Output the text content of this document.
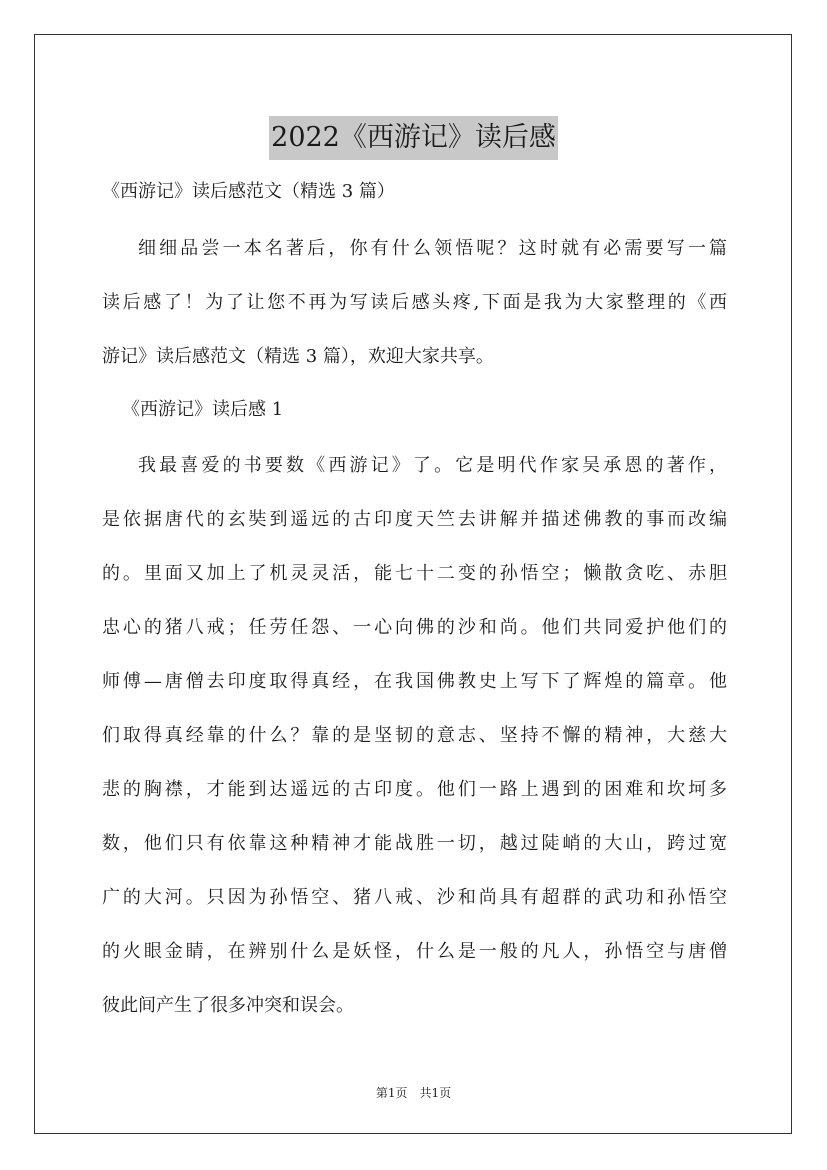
2022《西游记》读后感

《西游记》读后感范文（精选 3 篇）

细细品尝一本名著后，你有什么领悟呢？这时就有必需要写一篇
读后感了！为了让您不再为写读后感头疼,下面是我为大家整理的《西
游记》读后感范文（精选 3 篇），欢迎大家共享。

《西游记》读后感 1

我最喜爱的书要数《西游记》了。它是明代作家吴承恩的著作，
是依据唐代的玄奘到遥远的古印度天竺去讲解并描述佛教的事而改编
的。里面又加上了机灵灵活，能七十二变的孙悟空；懒散贪吃、赤胆
忠心的猪八戒；任劳任怨、一心向佛的沙和尚。他们共同爱护他们的
师傅—唐僧去印度取得真经，在我国佛教史上写下了辉煌的篇章。他
们取得真经靠的什么？靠的是坚韧的意志、坚持不懈的精神，大慈大
悲的胸襟，才能到达遥远的古印度。他们一路上遇到的困难和坎坷多
数，他们只有依靠这种精神才能战胜一切，越过陡峭的大山，跨过宽
广的大河。只因为孙悟空、猪八戒、沙和尚具有超群的武功和孙悟空
的火眼金睛，在辨别什么是妖怪，什么是一般的凡人，孙悟空与唐僧
彼此间产生了很多冲突和误会。
第1页　共1页
